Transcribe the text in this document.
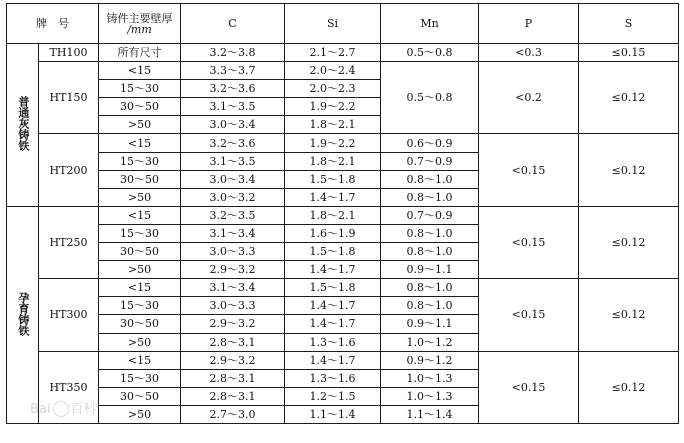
牌　号		铸件主要壁厚
/mm	C	Si	Mn	P	S
普通灰铸铁	TH100	所有尺寸	3.2～3.8	2.1～2.7	0.5～0.8	<0.3	≤0.15
	HT150	<15	3.3～3.7	2.0～2.4	0.5～0.8	<0.2	≤0.12
		15～30	3.2～3.6	2.0～2.3			
		30～50	3.1～3.5	1.9～2.2			
		>50	3.0～3.4	1.8～2.1			
	HT200	<15	3.2～3.6	1.9～2.2	0.6～0.9	<0.15	≤0.12
		15～30	3.1～3.5	1.8～2.1	0.7～0.9		
		30～50	3.0～3.4	1.5～1.8	0.8～1.0		
		>50	3.0～3.2	1.4～1.7	0.8～1.0		
孕育铸铁	HT250	<15	3.2～3.5	1.8～2.1	0.7～0.9	<0.15	≤0.12
		15～30	3.1～3.4	1.6～1.9	0.8～1.0		
		30～50	3.0～3.3	1.5～1.8	0.8～1.0		
		>50	2.9～3.2	1.4～1.7	0.9～1.1		
	HT300	<15	3.1～3.4	1.5～1.8	0.8～1.0	<0.15	≤0.12
		15～30	3.0～3.3	1.4～1.7	0.8～1.0		
		30～50	2.9～3.2	1.4～1.7	0.9～1.1		
		>50	2.8～3.1	1.3～1.6	1.0～1.2		
	HT350	<15	2.9～3.2	1.4～1.7	0.9～1.2	<0.15	≤0.12
		15～30	2.8～3.1	1.3～1.6	1.0～1.3		
		30～50	2.8～3.1	1.2～1.5	1.0～1.3		
		>50	2.7～3.0	1.1～1.4	1.1～1.4		
Bai 百科
